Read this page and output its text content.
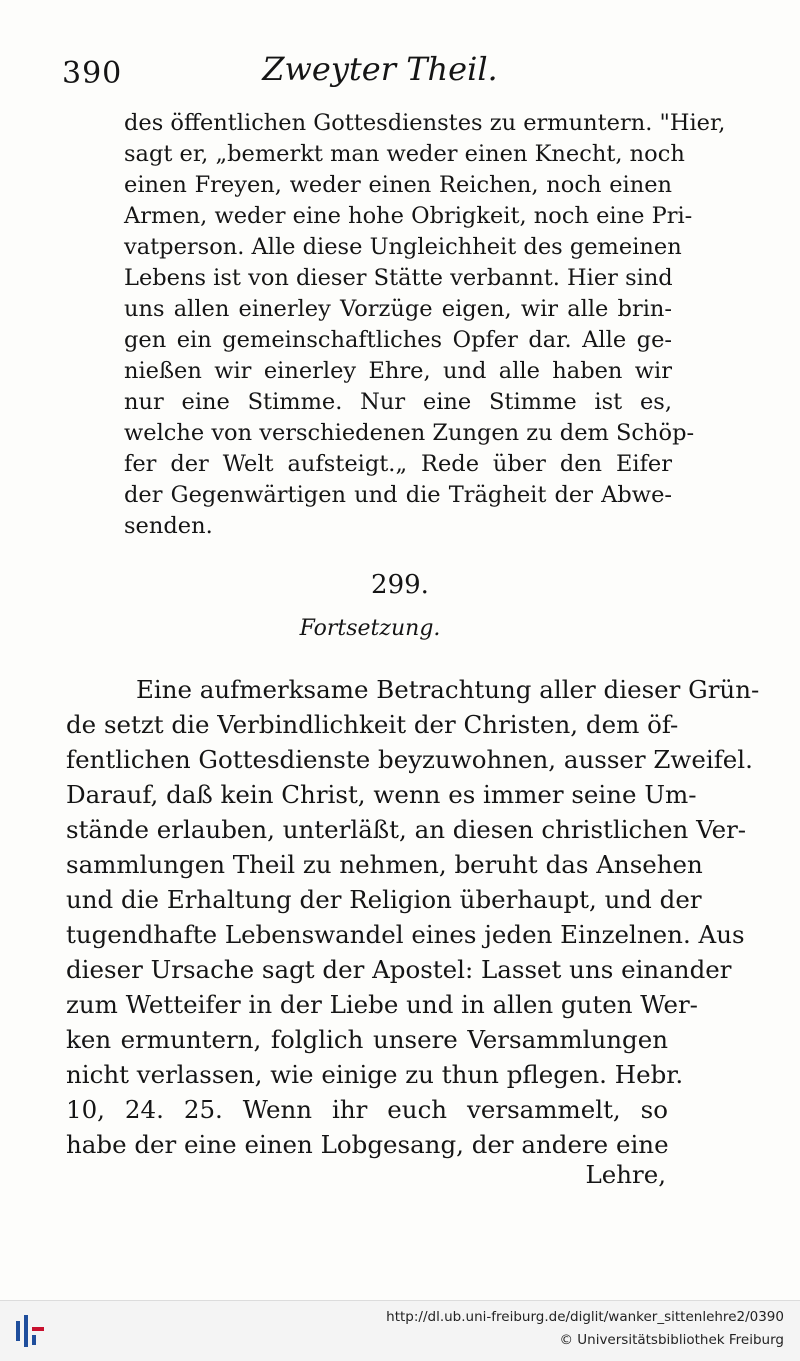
390	Zweyter Theil.
des öffentlichen Gottesdienstes zu ermuntern. "Hier,
sagt er, „bemerkt man weder einen Knecht, noch
einen Freyen, weder einen Reichen, noch einen
Armen, weder eine hohe Obrigkeit, noch eine Pri-
vatperson. Alle diese Ungleichheit des gemeinen
Lebens ist von dieser Stätte verbannt. Hier sind
uns allen einerley Vorzüge eigen, wir alle brin-
gen ein gemeinschaftliches Opfer dar. Alle ge-
nießen wir einerley Ehre, und alle haben wir
nur eine Stimme. Nur eine Stimme ist es,
welche von verschiedenen Zungen zu dem Schöp-
fer der Welt aufsteigt.„ Rede über den Eifer
der Gegenwärtigen und die Trägheit der Abwe-
senden.
299.
Fortsetzung.
Eine aufmerksame Betrachtung aller dieser Grün-
de setzt die Verbindlichkeit der Christen, dem öf-
fentlichen Gottesdienste beyzuwohnen, ausser Zweifel.
Darauf, daß kein Christ, wenn es immer seine Um-
stände erlauben, unterläßt, an diesen christlichen Ver-
sammlungen Theil zu nehmen, beruht das Ansehen
und die Erhaltung der Religion überhaupt, und der
tugendhafte Lebenswandel eines jeden Einzelnen. Aus
dieser Ursache sagt der Apostel: Lasset uns einander
zum Wetteifer in der Liebe und in allen guten Wer-
ken ermuntern, folglich unsere Versammlungen
nicht verlassen, wie einige zu thun pflegen. Hebr.
10, 24. 25. Wenn ihr euch versammelt, so
habe der eine einen Lobgesang, der andere eine
Lehre,
http://dl.ub.uni-freiburg.de/diglit/wanker_sittenlehre2/0390
© Universitätsbibliothek Freiburg
